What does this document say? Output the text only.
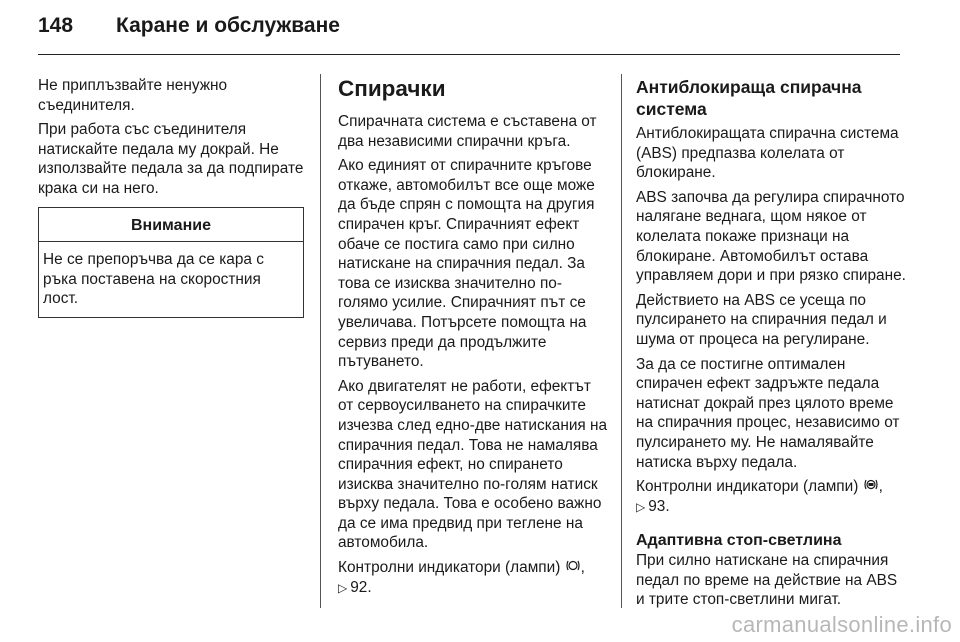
148	Каране и обслужване

Не приплъзвайте ненужно съединителя.

При работа със съединителя натискайте педала му докрай. Не използвайте педала за да подпирате крака си на него.

Внимание
Не се препоръчва да се кара с ръка поставена на скоростния лост.
Спирачки

Спирачната система е съставена от два независими спирачни кръга.

Ако единият от спирачните кръгове откаже, автомобилът все още може да бъде спрян с помощта на другия спирачен кръг. Спирачният ефект обаче се постига само при силно натискане на спирачния педал. За това се изисква значително по-голямо усилие. Спирачният път се увеличава. Потърсете помощта на сервиз преди да продължите пътуването.

Ако двигателят не работи, ефектът от сервоусилването на спирачките изчезва след едно-две натискания на спирачния педал. Това не намалява спирачния ефект, но спирането изисква значително по-голям натиск върху педала. Това е особено важно да се има предвид при теглене на автомобила.

Контролни индикатори (лампи) ,
▷ 92.

Антиблокираща спирачна система

Антиблокиращата спирачна система (ABS) предпазва колелата от блокиране.

ABS започва да регулира спирачното налягане веднага, щом някое от колелата покаже признаци на блокиране. Автомобилът остава управляем дори и при рязко спиране.

Действието на ABS се усеща по пулсирането на спирачния педал и шума от процеса на регулиране.

За да се постигне оптимален спирачен ефект задръжте педала натиснат докрай през цялото време на спирачния процес, независимо от пулсирането му. Не намалявайте натиска върху педала.

Контролни индикатори (лампи) ,
▷ 93.

Адаптивна стоп-светлина

При силно натискане на спирачния педал по време на действие на ABS и трите стоп-светлини мигат.

carmanualsonline.info
